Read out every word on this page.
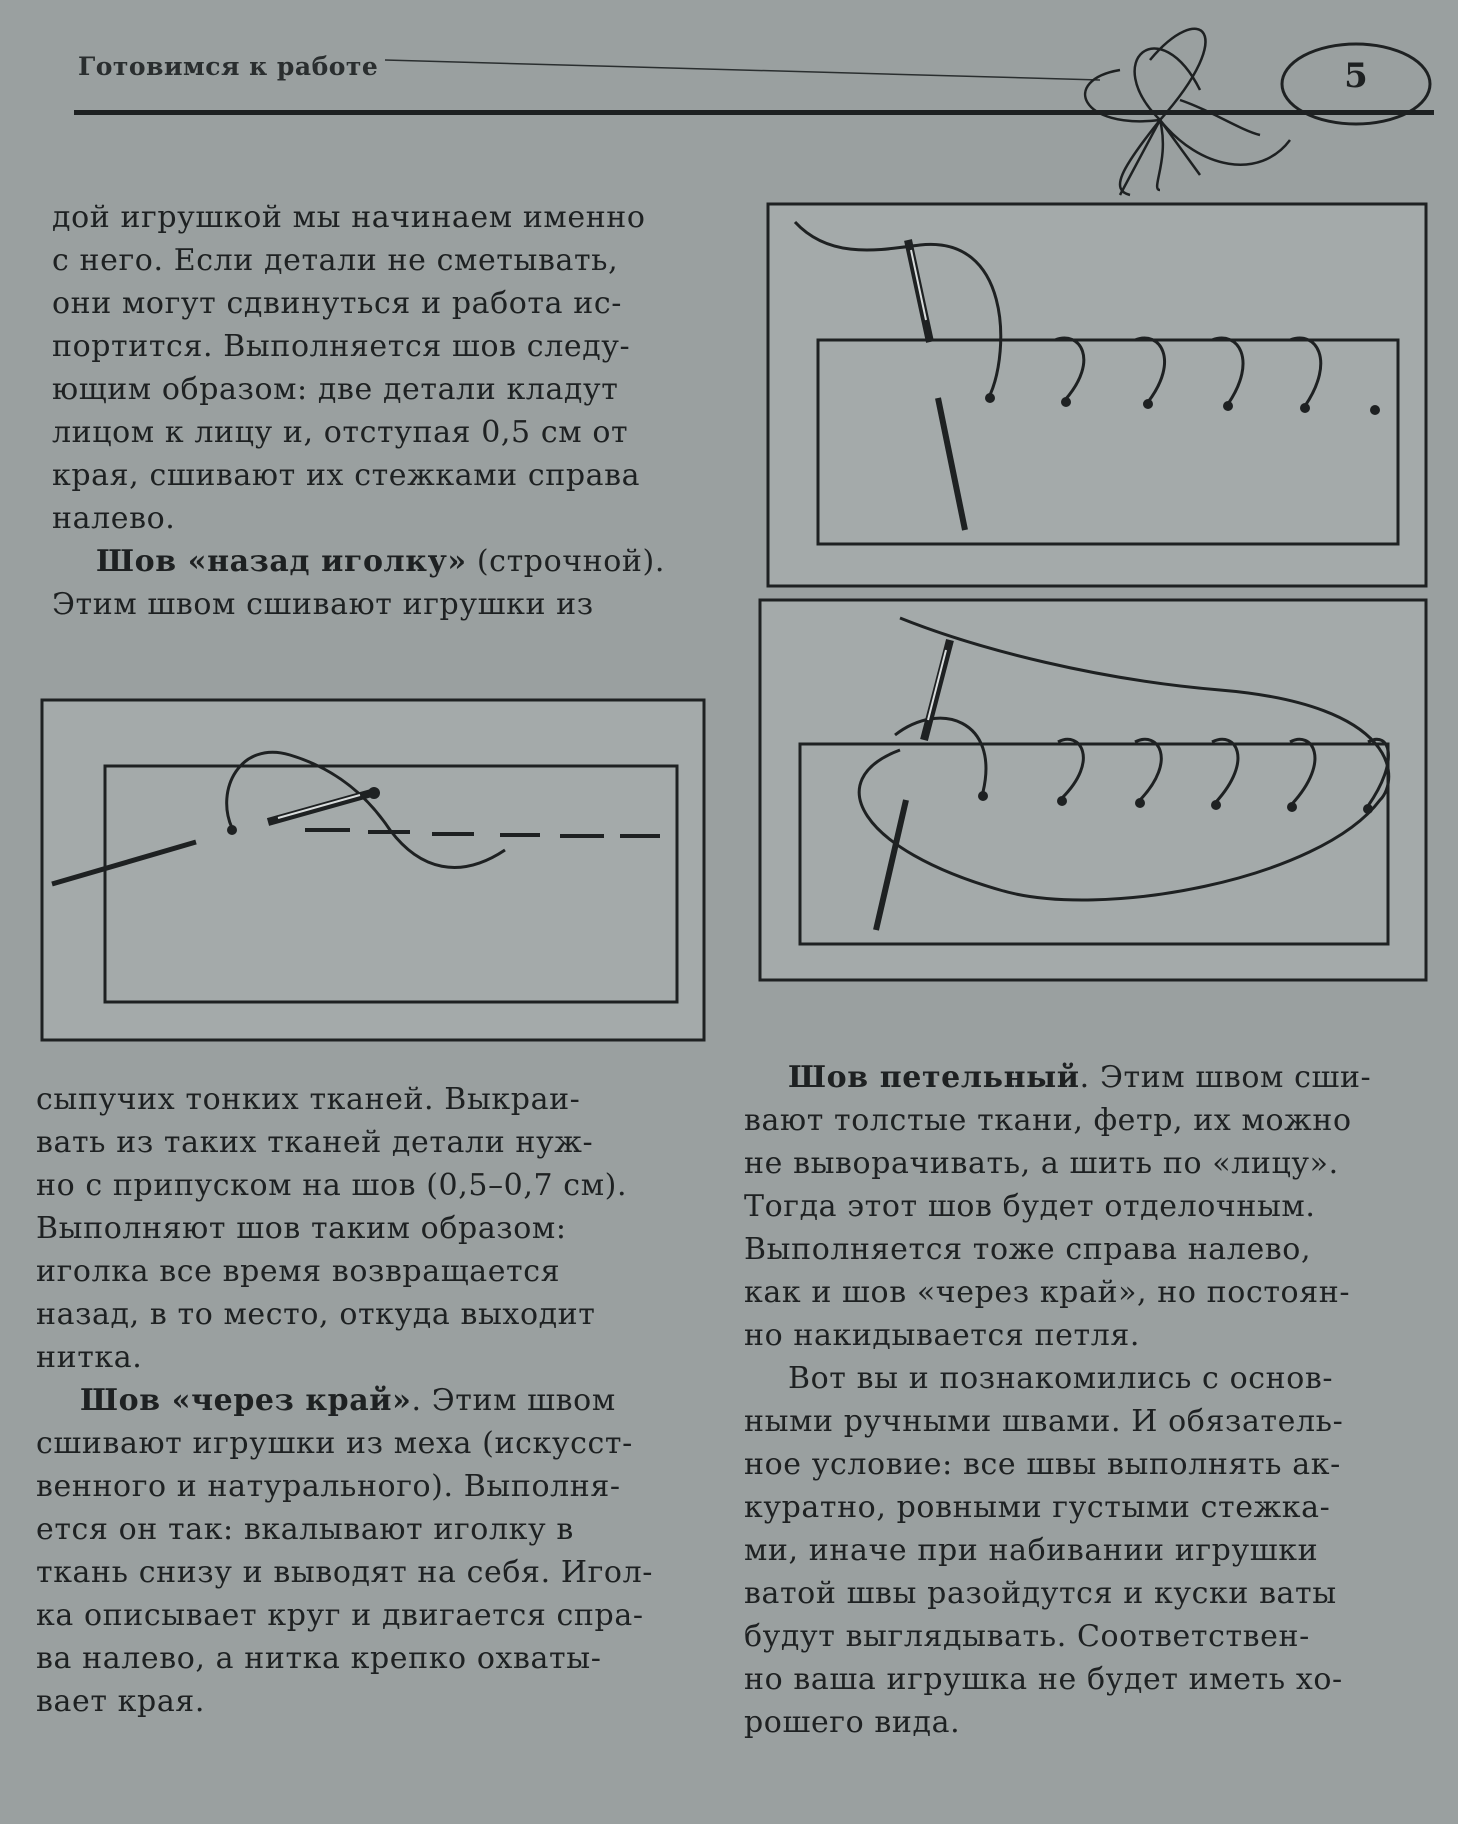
Готовимся к работе	5

дой игрушкой мы начинаем именно

с него. Если детали не сметывать,

они могут сдвинуться и работа ис-

портится. Выполняется шов следу-

ющим образом: две детали кладут

лицом к лицу и, отступая 0,5 см от

края, сшивают их стежками справа

налево.

Шов «назад иголку» (строчной).

Этим швом сшивают игрушки из

сыпучих тонких тканей. Выкраи-

вать из таких тканей детали нуж-

но с припуском на шов (0,5–0,7 см).

Выполняют шов таким образом:

иголка все время возвращается

назад, в то место, откуда выходит

нитка.

Шов «через край». Этим швом

сшивают игрушки из меха (искусст-

венного и натурального). Выполня-

ется он так: вкалывают иголку в

ткань снизу и выводят на себя. Игол-

ка описывает круг и двигается спра-

ва налево, а нитка крепко охваты-

вает края.

Шов петельный. Этим швом сши-

вают толстые ткани, фетр, их можно

не выворачивать, а шить по «лицу».

Тогда этот шов будет отделочным.

Выполняется тоже справа налево,

как и шов «через край», но постоян-

но накидывается петля.

Вот вы и познакомились с основ-

ными ручными швами. И обязатель-

ное условие: все швы выполнять ак-

куратно, ровными густыми стежка-

ми, иначе при набивании игрушки

ватой швы разойдутся и куски ваты

будут выглядывать. Соответствен-

но ваша игрушка не будет иметь хо-

рошего вида.
